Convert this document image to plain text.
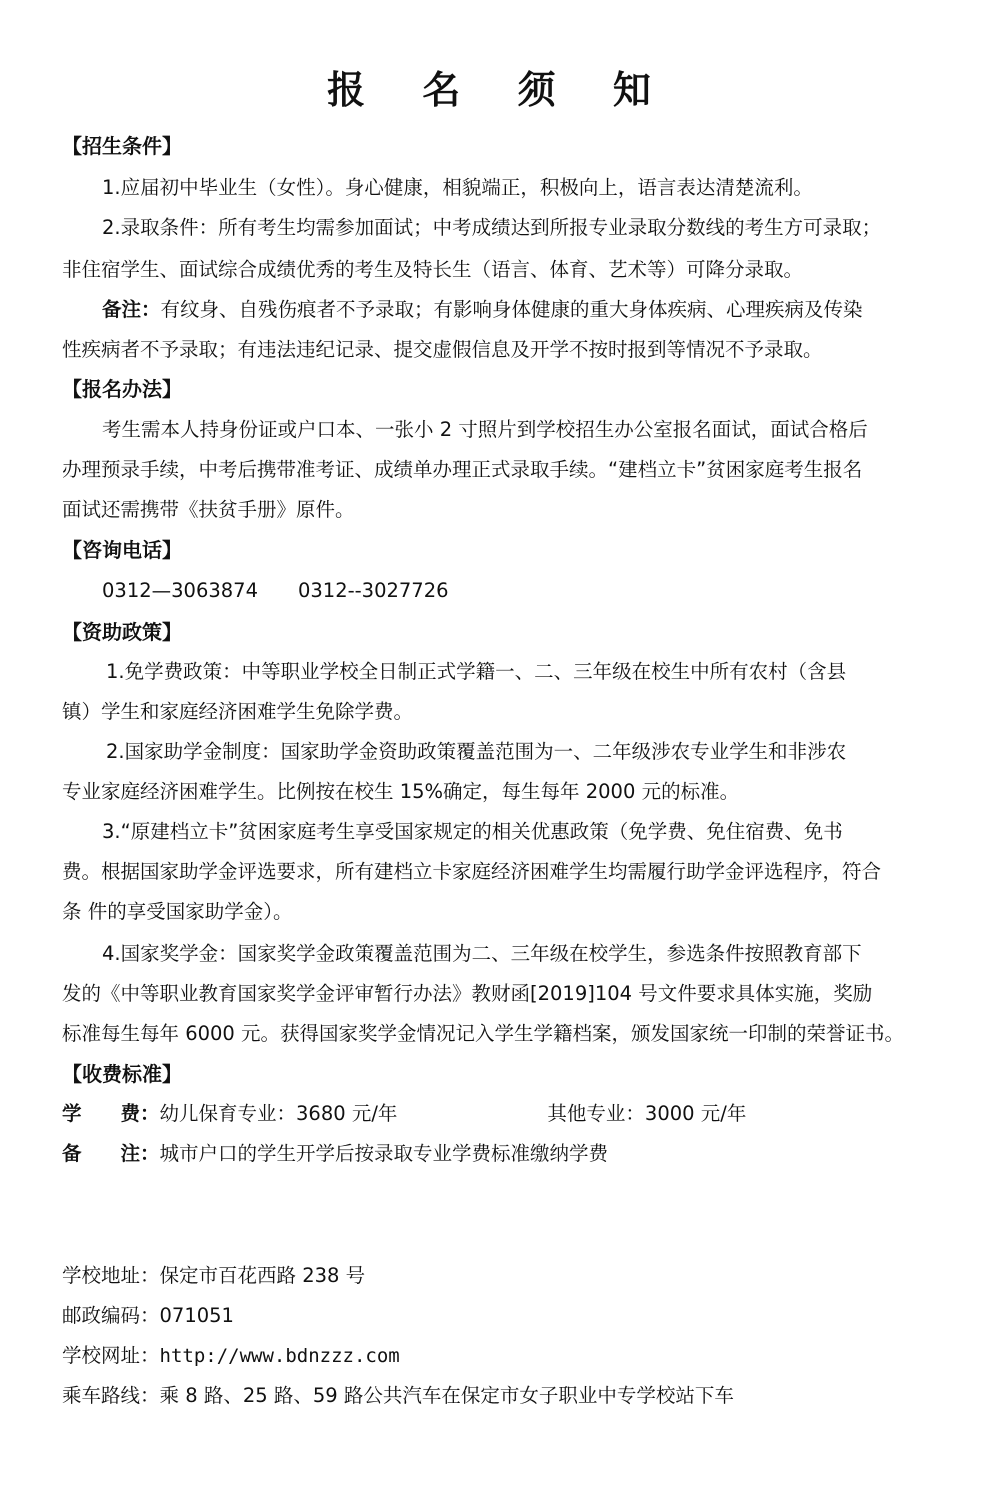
报 名 须 知
【招生条件】
1.应届初中毕业生（女性）。身心健康，相貌端正，积极向上，语言表达清楚流利。
2.录取条件：所有考生均需参加面试；中考成绩达到所报专业录取分数线的考生方可录取；
非住宿学生、面试综合成绩优秀的考生及特长生（语言、体育、艺术等）可降分录取。
备注：有纹身、自残伤痕者不予录取；有影响身体健康的重大身体疾病、心理疾病及传染
性疾病者不予录取；有违法违纪记录、提交虚假信息及开学不按时报到等情况不予录取。
【报名办法】
考生需本人持身份证或户口本、一张小 2 寸照片到学校招生办公室报名面试，面试合格后
办理预录手续，中考后携带准考证、成绩单办理正式录取手续。“建档立卡”贫困家庭考生报名
面试还需携带《扶贫手册》原件。
【咨询电话】
0312—3063874 0312--3027726
【资助政策】
1.免学费政策：中等职业学校全日制正式学籍一、二、三年级在校生中所有农村（含县
镇）学生和家庭经济困难学生免除学费。
2.国家助学金制度：国家助学金资助政策覆盖范围为一、二年级涉农专业学生和非涉农
专业家庭经济困难学生。比例按在校生 15%确定，每生每年 2000 元的标准。
3.“原建档立卡”贫困家庭考生享受国家规定的相关优惠政策（免学费、免住宿费、免书
费。根据国家助学金评选要求，所有建档立卡家庭经济困难学生均需履行助学金评选程序，符合
条 件的享受国家助学金）。
4.国家奖学金：国家奖学金政策覆盖范围为二、三年级在校学生，参选条件按照教育部下
发的《中等职业教育国家奖学金评审暂行办法》教财函[2019]104 号文件要求具体实施，奖励
标准每生每年 6000 元。获得国家奖学金情况记入学生学籍档案，颁发国家统一印制的荣誉证书。
【收费标准】
学　　费：幼儿保育专业：3680 元/年	其他专业：3000 元/年
备　　注：城市户口的学生开学后按录取专业学费标准缴纳学费
学校地址：保定市百花西路 238 号
邮政编码：071051
学校网址：http://www.bdnzzz.com
乘车路线：乘 8 路、25 路、59 路公共汽车在保定市女子职业中专学校站下车
